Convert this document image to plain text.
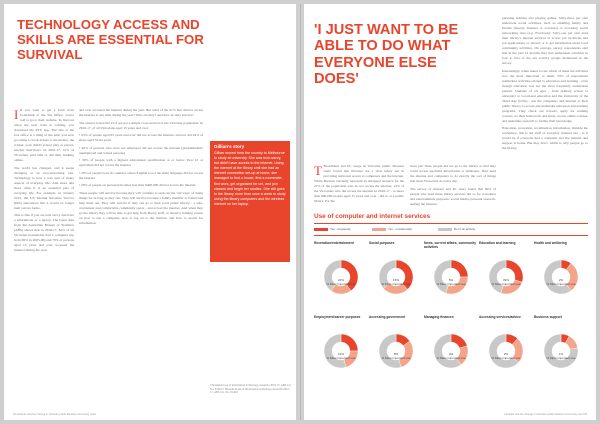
TECHNOLOGY ACCESS AND SKILLS ARE ESSENTIAL FOR SURVIVAL

I If you want to get a form from Centrelink or the Tax Office, you're told to go to their website. To find out when the next train is coming, you download the PTV app. The line at the box office is a thing of the past; you now go online to book tickets to the theatre, the cricket, your child's school play or parent-teacher interviews. In 2016-17, 41% of Victorians paid bills or did their banking online.

The world has changed, and it keeps changing at an ever-increasing rate. Technology is now a core part of many aspects of everyday life. And more and more often it is an essential part of everyday life. For example, in January 2015, the US Internal Revenue Service (IRS) announced that it would no longer mail out tax forms.

This is fine if you are tech savvy and have a smartphone or a laptop. The latest data from the Australian Bureau of Statistics (ABS) shows that in 2016-17, 82% of all Victorian households had a computer (up from 69% in 2005-06) and 79% of persons aged 15 years and over accessed the internet during the year.

and over accessed the internet during the year. But what of the 21% that did not access the internet at any time during the year? Who are they? And how do they survive?

The answer is that the 21% are not a simple cross-section of the Victorian population. In 2016-17, of all Victorians aged 15 years and over:

• 63% of people aged 65 years and over did not access the internet, and nor did 29% of those aged 55-64 years

• 40% of persons who were not employed did not access the internet (predominantly unemployed and retired persons)

• 30% of people with a highest educational qualification at or below Year 12 or equivalent did not access the internet

• 29% of people born in countries where English is not the main language did not access the internet

• 28% of people on personal incomes less than $400,000 did not access the internet.

These people will survive because they will continue to seek out the 'old ways' of doing things for as long as they can. They will survive because a family member or friend will help them out. They will survive if they can go to their local public library - a safe, convenient and comfortable community space - and access the internet. And when they go the library they will be able to get help from library staff, or attend a training course on how to use a computer, how to log on to the internet, and how to search for information.

Gillian's story
Gillian moved from the country to Melbourne to study at university. She was tech-savvy, but didn't have access to the internet. Using the internet at the library until she had an internet connection set-up at home, she managed to find a house, find a roommate, find work, get organised for uni, and join classes and begin her studies. She still goes to the library more than once a week to study using the library computers and the wireless internet on her laptop.
¹ Household use of information technology, Australia 2016-17, ABS Cat. No. 8146.0 ² Household use of information technology, Australia 2016-17, ABS Cat. No. 8146.0
22 Libraries and the change in Victorian public libraries community need
'I JUST WANT TO BE ABLE TO DO WHAT EVERYONE ELSE DOES'

T Broadband and PC usage in Victorian public libraries study found that libraries are a vital safety net in providing universal access to computers and the internet. While libraries currently represent an untapped resource for the 21% of the population who do not access the internet, 13% of the Victorians who did access the internet in 2016-17 - or more than 600,000 people aged 15 years and over - did so at a public library. For the

most part these people did not go to the library so that they could access specialist information or databases. They used the internet and computers to do exactly the sort of things that most Victorians do every day.

The survey of internet and PC users found that 60% of people who used these library services did so for recreation and entertainment purposes: social media, personal research, surfing the internet,

pursuing hobbies and playing games. Sixty-three per cent undertook social activities, such as emailing family and friends (mostly, Internet or overseas) or accessing social networking sites (e.g. Facebook). Sixty-one per cent used their library's internet services to access job vacancies and job applications, or abroad, or to get information about local community activities. On average, survey respondents said that in the past 12 months they had undertaken activities in four to five of the ten activity groups mentioned in the survey.

Interestingly, when asked to rate which of these ten activities was the most important to them, 33% of respondents nominated activities related to education and learning - even though education was not the most frequently undertaken pursuit. Students of all ages - from primary school to university to vocational education and the University of the Third Age (U3A) - use the computers and internet at their public library to access and undertake education and learning programs. They check out schools, apply for training courses, do their homework and study, access online courses, and undertake research to further their knowledge.

Education, recreation, socialisation, information, Outside the workplace, this is the stuff of everyday internet use - as it would be if everyone had a computer and the internet and support at home. But they don't, which is why people go to the library.

Use of computer and internet services
Yes - frequently	Yes - occasionally	Don't do activity
Recreation/entertainment
22%
% Most important use
Social purposes
15%
% Most important use
News, current affairs, community activities
5%
% Most important use
Education and learning
33%
% Most important use
Health and wellbeing
2%
% Most important use
Employment/career purposes
12%
% Most important use
Accessing government
5%
% Most important use
Managing finances
3%
% Most important use
Accessing services/advice
2%
% Most important use
Business support
1%
% Most important use
Libraries and the change in Victorian public libraries community need 23
